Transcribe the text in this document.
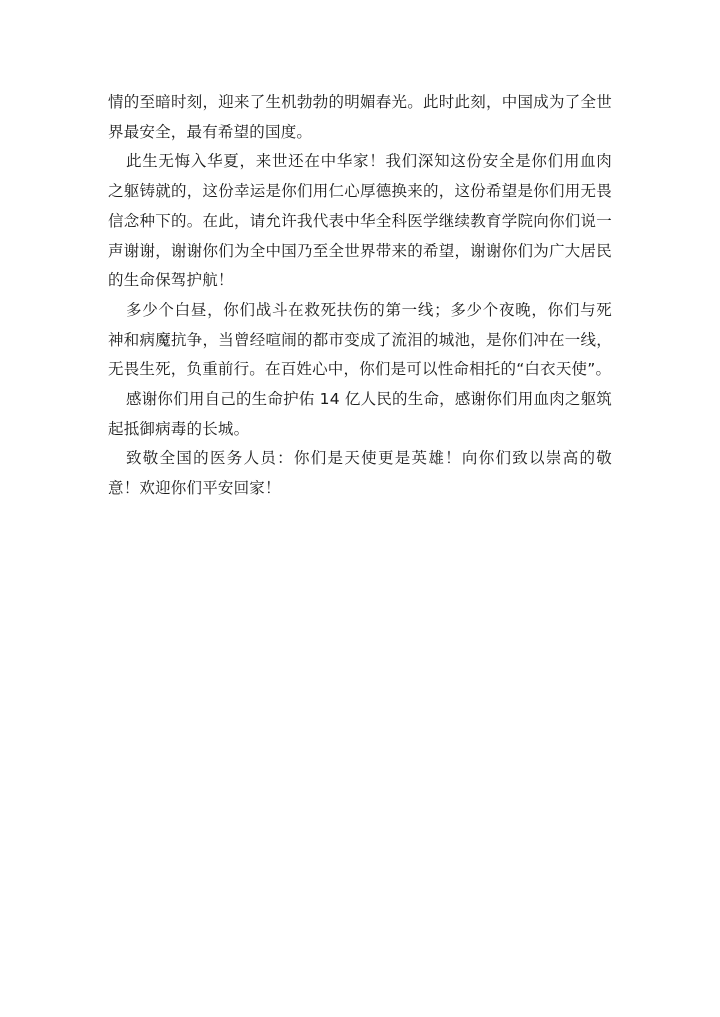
情的至暗时刻，迎来了生机勃勃的明媚春光。此时此刻，中国成为了全世界最安全，最有希望的国度。

此生无悔入华夏，来世还在中华家！我们深知这份安全是你们用血肉之躯铸就的，这份幸运是你们用仁心厚德换来的，这份希望是你们用无畏信念种下的。在此，请允许我代表中华全科医学继续教育学院向你们说一声谢谢，谢谢你们为全中国乃至全世界带来的希望，谢谢你们为广大居民的生命保驾护航！

多少个白昼，你们战斗在救死扶伤的第一线；多少个夜晚，你们与死神和病魔抗争，当曾经喧闹的都市变成了流泪的城池，是你们冲在一线，无畏生死，负重前行。在百姓心中，你们是可以性命相托的“白衣天使”。

感谢你们用自己的生命护佑 14 亿人民的生命，感谢你们用血肉之躯筑起抵御病毒的长城。

致敬全国的医务人员：你们是天使更是英雄！向你们致以崇高的敬意！欢迎你们平安回家！
